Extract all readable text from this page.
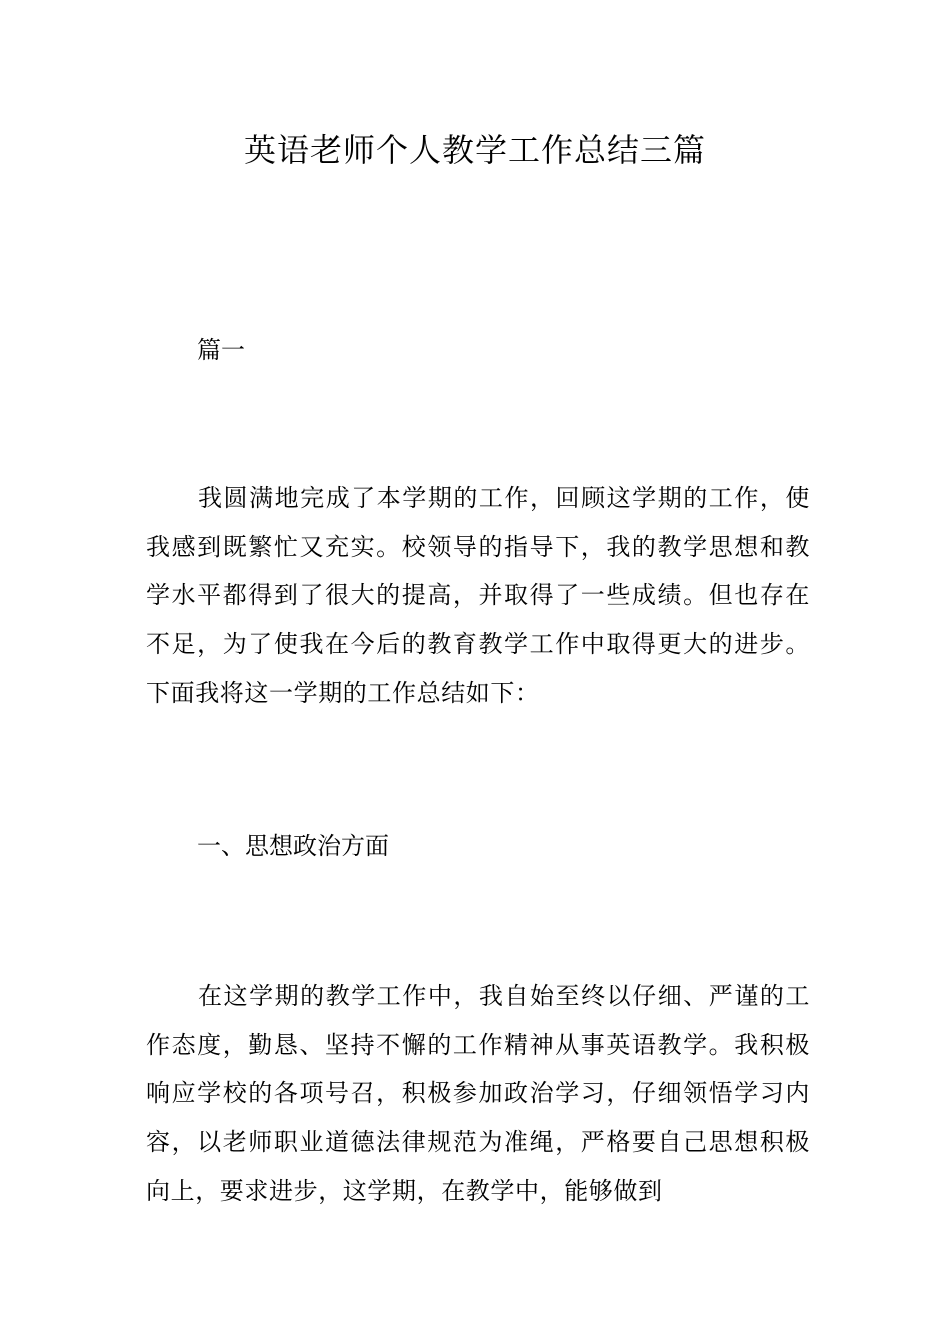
英语老师个人教学工作总结三篇

篇一

我圆满地完成了本学期的工作，回顾这学期的工作，使我感到既繁忙又充实。校领导的指导下，我的教学思想和教学水平都得到了很大的提高，并取得了一些成绩。但也存在不足，为了使我在今后的教育教学工作中取得更大的进步。下面我将这一学期的工作总结如下：

一、思想政治方面

在这学期的教学工作中，我自始至终以仔细、严谨的工作态度，勤恳、坚持不懈的工作精神从事英语教学。我积极响应学校的各项号召，积极参加政治学习，仔细领悟学习内容，以老师职业道德法律规范为准绳，严格要自己思想积极向上，要求进步，这学期，在教学中，能够做到
